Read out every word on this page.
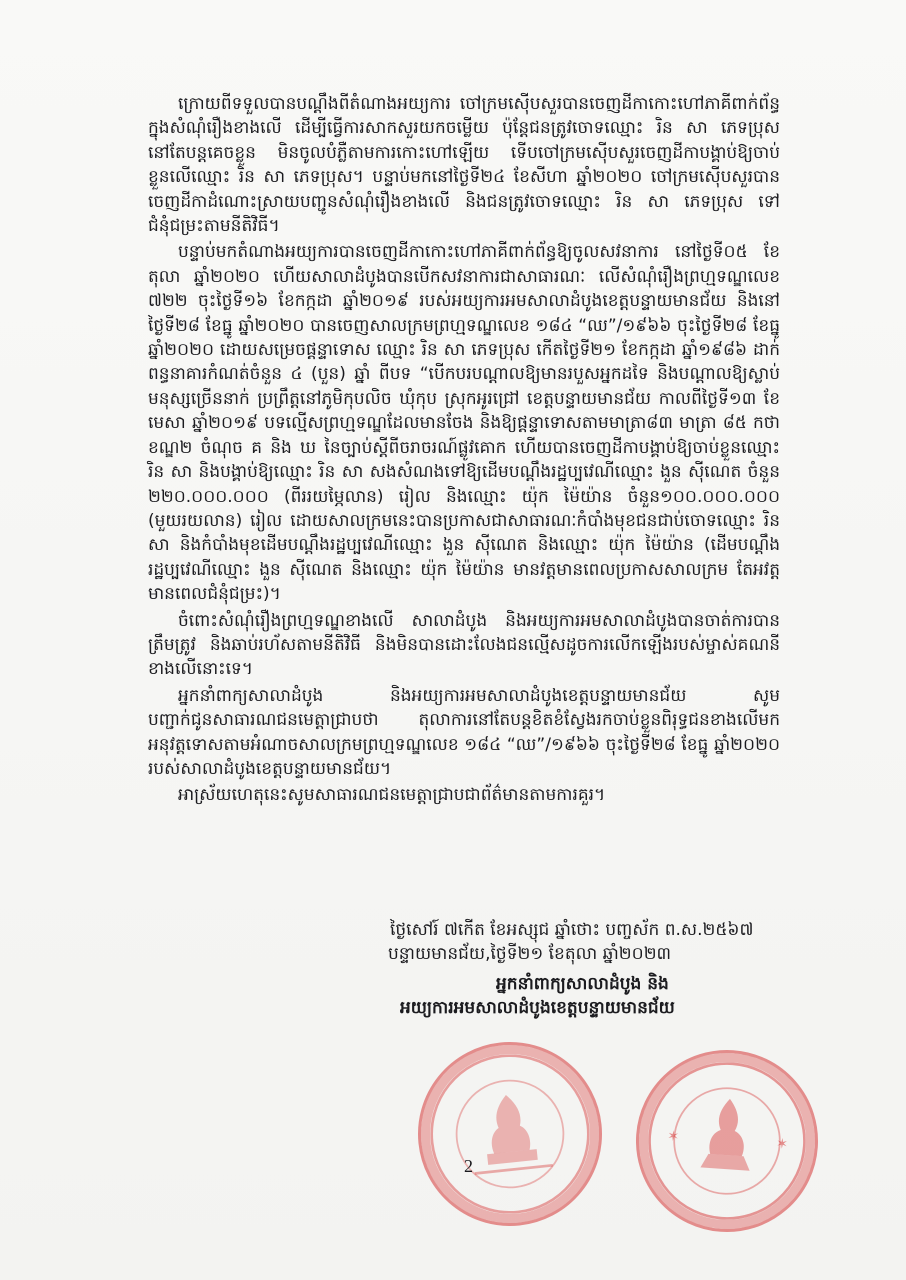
ក្រោយពីទទួលបានបណ្តឹងពីតំណាងអយ្យការ ចៅក្រមស៊ើបសួរបានចេញដីកាកោះហៅភាគីពាក់ព័ន្ធ ក្នុងសំណុំរឿងខាងលើ ដើម្បីធ្វើការសាកសួរយកចម្លើយ ប៉ុន្តែជនត្រូវចោទឈ្មោះ រិន សា ភេទប្រុស នៅតែបន្តគេចខ្លួន មិនចូលបំភ្លឺតាមការកោះហៅឡើយ ទើបចៅក្រមស៊ើបសួរចេញដីកាបង្គាប់ឱ្យចាប់ខ្លួនលើឈ្មោះ រិន សា ភេទប្រុស។ បន្ទាប់មកនៅថ្ងៃទី២៤ ខែសីហា ឆ្នាំ២០២០ ចៅក្រមស៊ើបសួរបានចេញដីកាដំណោះស្រាយបញ្ជូនសំណុំរឿងខាងលើ និងជនត្រូវចោទឈ្មោះ រិន សា ភេទប្រុស ទៅជំនុំជម្រះតាមនីតិវិធី។

បន្ទាប់មកតំណាងអយ្យការបានចេញដីកាកោះហៅភាគីពាក់ព័ន្ធឱ្យចូលសវនាការ នៅថ្ងៃទី០៥ ខែតុលា ឆ្នាំ២០២០ ហើយសាលាដំបូងបានបើកសវនាការជាសាធារណៈ លើសំណុំរឿងព្រហ្មទណ្ឌលេខ ៧២២ ចុះថ្ងៃទី១៦ ខែកក្កដា ឆ្នាំ២០១៩ របស់អយ្យការអមសាលាដំបូងខេត្តបន្ទាយមានជ័យ និងនៅថ្ងៃទី២៨ ខែធ្នូ ឆ្នាំ២០២០ បានចេញសាលក្រមព្រហ្មទណ្ឌលេខ ១៨៤ “ឈ”/១៩៦៦ ចុះថ្ងៃទី២៨ ខែធ្នូ ឆ្នាំ២០២០ ដោយសម្រេចផ្តន្ទាទោស ឈ្មោះ រិន សា ភេទប្រុស កើតថ្ងៃទី២១ ខែកក្កដា ឆ្នាំ១៩៨៦ ដាក់ពន្ធនាគារកំណត់ចំនួន ៤ (បួន) ឆ្នាំ ពីបទ “បើកបរបណ្តាលឱ្យមានរបួសអ្នកដទៃ និងបណ្តាលឱ្យស្លាប់មនុស្សច្រើននាក់ ប្រព្រឹត្តនៅភូមិកុបលិច ឃុំកុប ស្រុកអូរជ្រៅ ខេត្តបន្ទាយមានជ័យ កាលពីថ្ងៃទី១៣ ខែមេសា ឆ្នាំ២០១៩ បទល្មើសព្រហ្មទណ្ឌដែលមានចែង និងឱ្យផ្តន្ទាទោសតាមមាត្រា៨៣ មាត្រា ៨៥ កថាខណ្ឌ២ ចំណុច គ និង ឃ នៃច្បាប់ស្តីពីចរាចរណ៍ផ្លូវគោក ហើយបានចេញដីកាបង្គាប់ឱ្យចាប់ខ្លួនឈ្មោះ រិន សា និងបង្គាប់ឱ្យឈ្មោះ រិន សា សងសំណងទៅឱ្យដើមបណ្តឹងរដ្ឋប្បវេណីឈ្មោះ ងួន ស៊ីណេត ចំនួន ២២០.០០០.០០០ (ពីររយម្ភៃលាន) រៀល និងឈ្មោះ យ៉ុក ម៉ៃយ៉ាន ចំនួន១០០.០០០.០០០ (មួយរយលាន) រៀល ដោយសាលក្រមនេះបានប្រកាសជាសាធារណៈកំបាំងមុខជនជាប់ចោទឈ្មោះ រិន សា និងកំបាំងមុខដើមបណ្តឹងរដ្ឋប្បវេណីឈ្មោះ ងួន ស៊ីណេត និងឈ្មោះ យ៉ុក ម៉ៃយ៉ាន (ដើមបណ្តឹងរដ្ឋប្បវេណីឈ្មោះ ងួន ស៊ីណេត និងឈ្មោះ យ៉ុក ម៉ៃយ៉ាន មានវត្តមានពេលប្រកាសសាលក្រម តែអវត្តមានពេលជំនុំជម្រះ)។

ចំពោះសំណុំរឿងព្រហ្មទណ្ឌខាងលើ សាលាដំបូង និងអយ្យការអមសាលាដំបូងបានចាត់ការបានត្រឹមត្រូវ និងឆាប់រហ័សតាមនីតិវិធី និងមិនបានដោះលែងជនល្មើសដូចការលើកឡើងរបស់ម្ចាស់គណនីខាងលើនោះទេ។

អ្នកនាំពាក្យសាលាដំបូង និងអយ្យការអមសាលាដំបូងខេត្តបន្ទាយមានជ័យ សូមបញ្ជាក់ជូនសាធារណជនមេត្តាជ្រាបថា តុលាការនៅតែបន្តខិតខំស្វែងរកចាប់ខ្លួនពិរុទ្ធជនខាងលើមកអនុវត្តទោសតាមអំណាចសាលក្រមព្រហ្មទណ្ឌលេខ ១៨៤ “ឈ”/១៩៦៦ ចុះថ្ងៃទី២៨ ខែធ្នូ ឆ្នាំ២០២០ របស់សាលាដំបូងខេត្តបន្ទាយមានជ័យ។

អាស្រ័យហេតុនេះសូមសាធារណជនមេត្តាជ្រាបជាព័ត៌មានតាមការគួរ។

ថ្ងៃសៅរ៍ ៧កើត ខែអស្សុជ ឆ្នាំថោះ បញ្ចស័ក ព.ស.២៥៦៧
បន្ទាយមានជ័យ,ថ្ងៃទី២១ ខែតុលា ឆ្នាំ២០២៣
អ្នកនាំពាក្យសាលាដំបូង និង
អយ្យការអមសាលាដំបូងខេត្តបន្ទាយមានជ័យ
✶	✶
2
